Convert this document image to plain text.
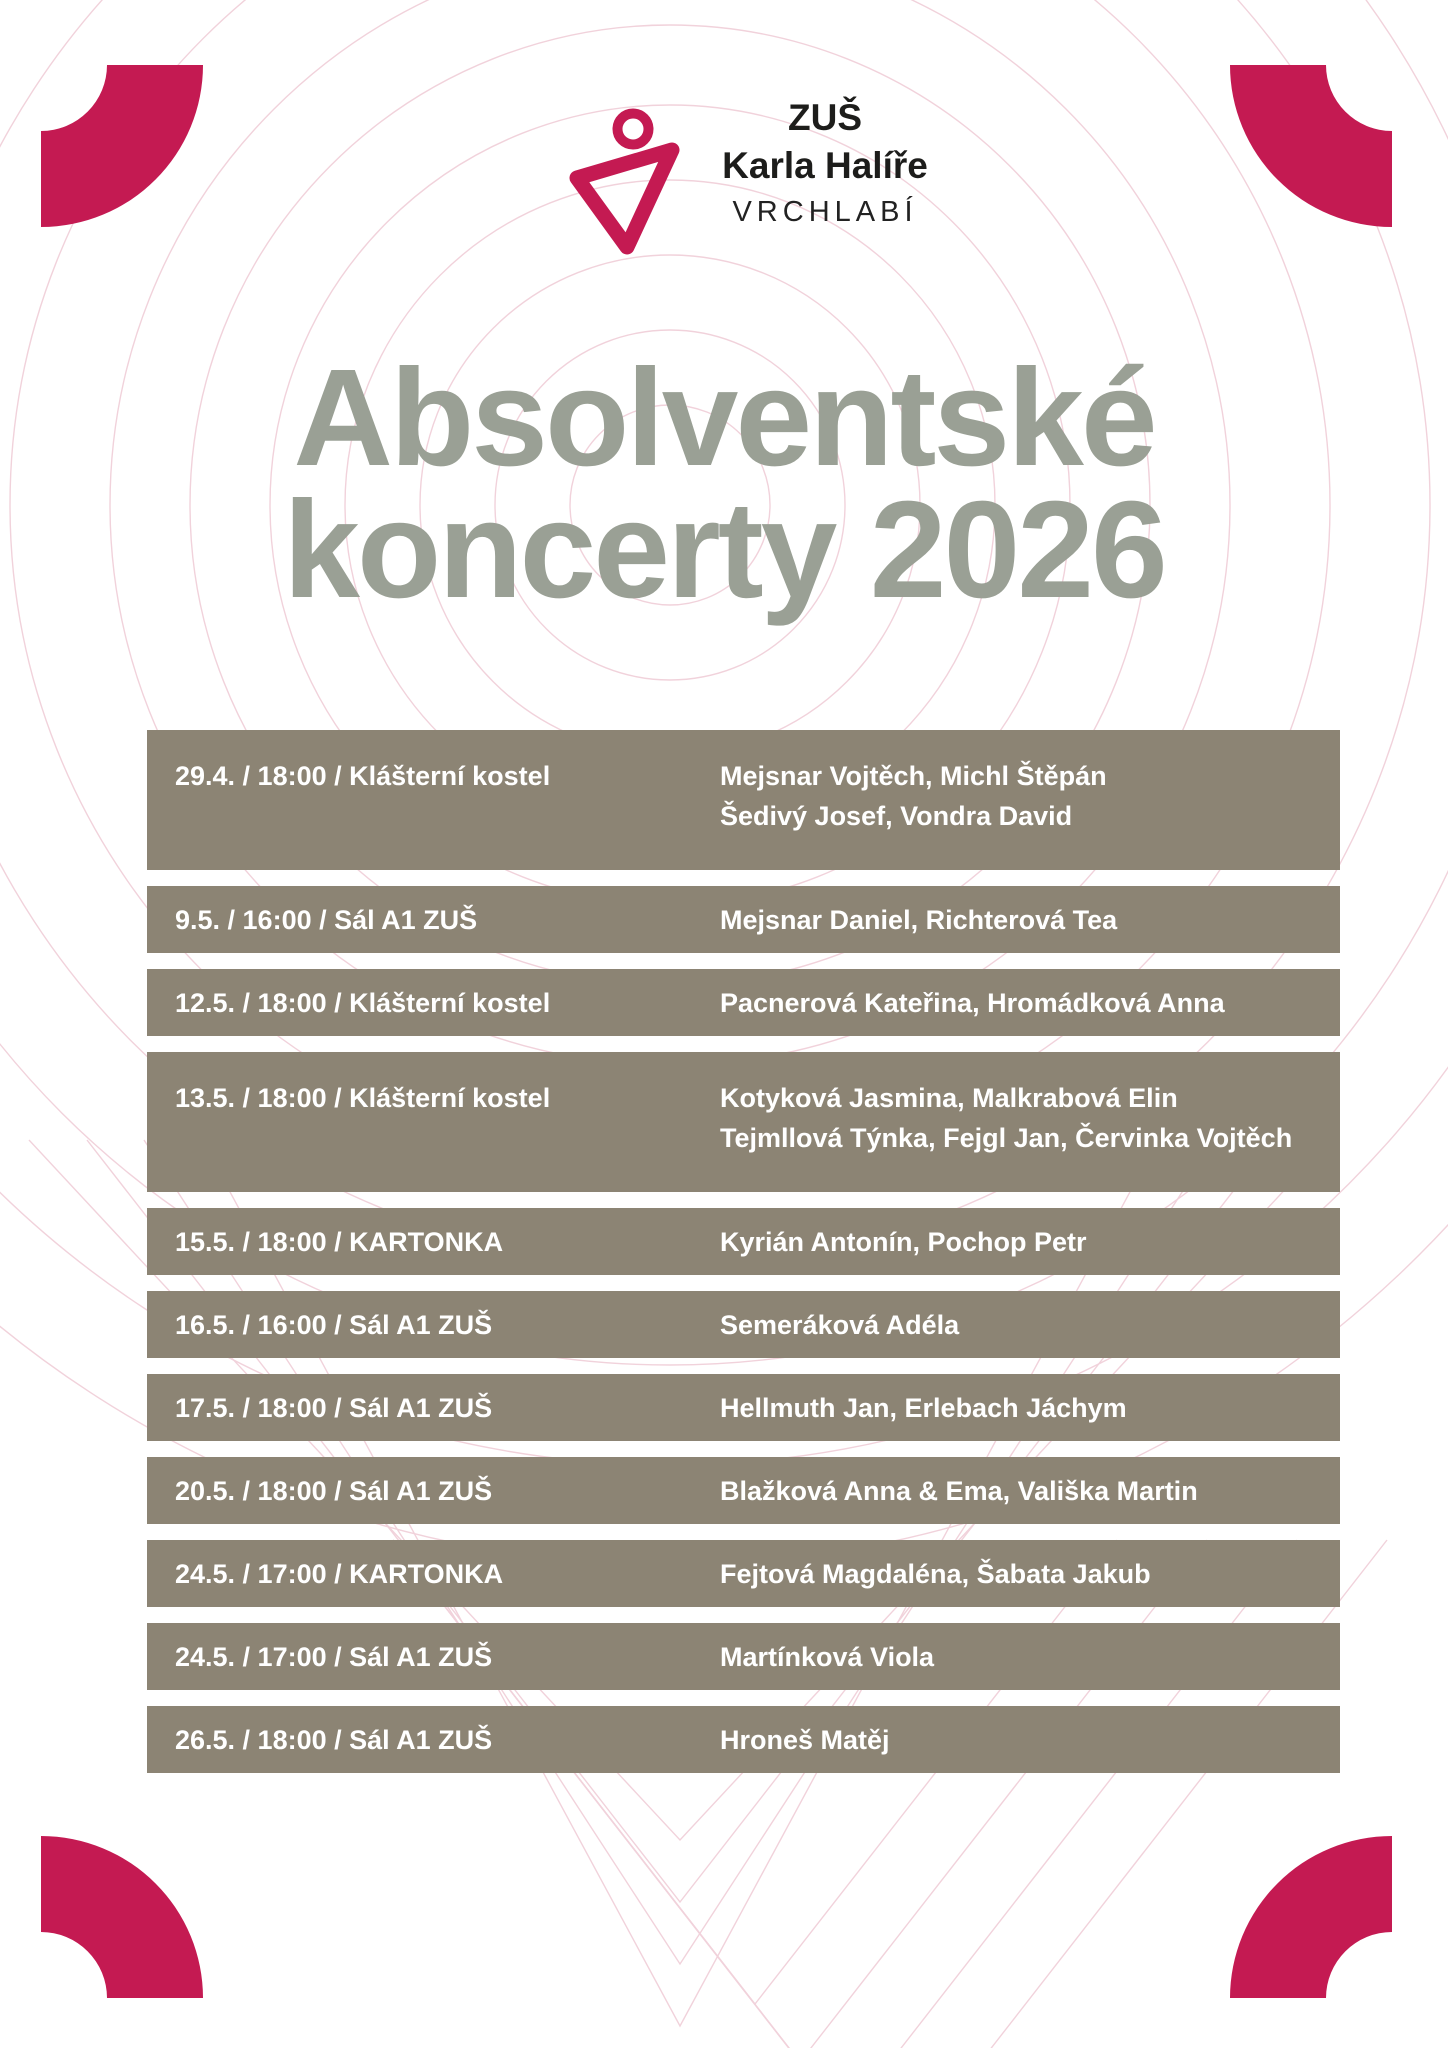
ZUŠ
Karla Halíře
VRCHLABÍ
Absolventské
koncerty 2026
29.4. / 18:00 / Klášterní kostel	Mejsnar Vojtěch, Michl Štěpán
Šedivý Josef, Vondra David
9.5. / 16:00 / Sál A1 ZUŠ	Mejsnar Daniel, Richterová Tea
12.5. / 18:00 / Klášterní kostel	Pacnerová Kateřina, Hromádková Anna
13.5. / 18:00 / Klášterní kostel	Kotyková Jasmina, Malkrabová Elin
Tejmllová Týnka, Fejgl Jan, Červinka Vojtěch
15.5. / 18:00 / KARTONKA	Kyrián Antonín, Pochop Petr
16.5. / 16:00 / Sál A1 ZUŠ	Semeráková Adéla
17.5. / 18:00 / Sál A1 ZUŠ	Hellmuth Jan, Erlebach Jáchym
20.5. / 18:00 / Sál A1 ZUŠ	Blažková Anna & Ema, Vališka Martin
24.5. / 17:00 / KARTONKA	Fejtová Magdaléna, Šabata Jakub
24.5. / 17:00 / Sál A1 ZUŠ	Martínková Viola
26.5. / 18:00 / Sál A1 ZUŠ	Hroneš Matěj
